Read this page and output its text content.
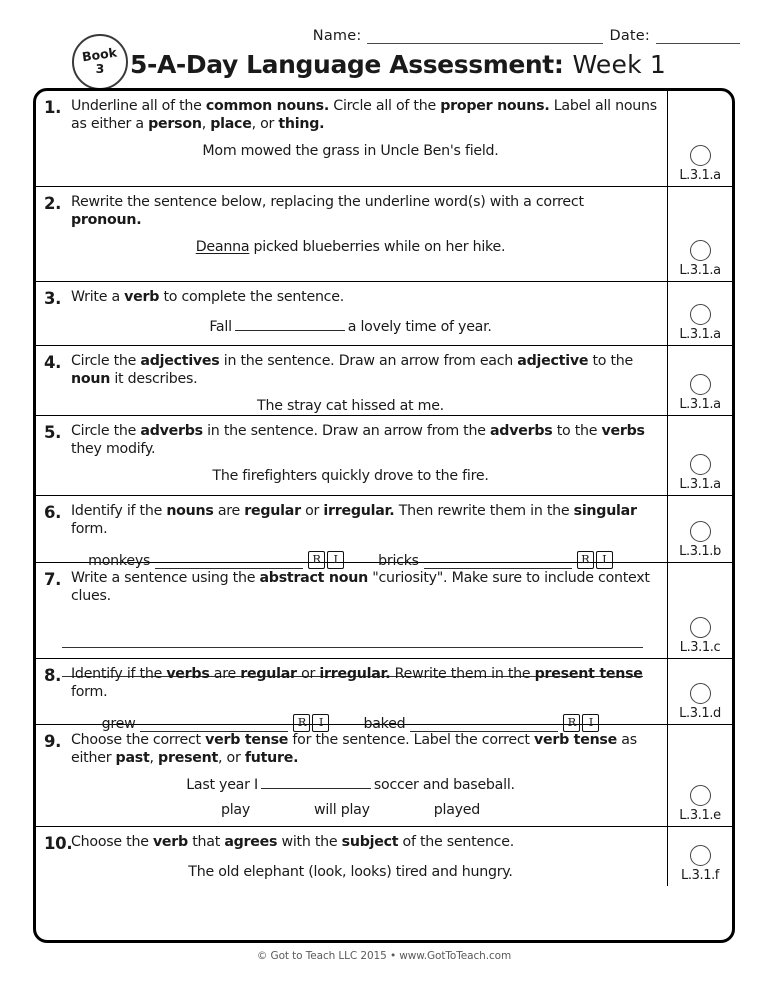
Name:	Date:
Book
3 5-A-Day Language Assessment: Week 1
1. Underline all of the common nouns. Circle all of the proper nouns. Label all nouns as either a person, place, or thing.
Mom mowed the grass in Uncle Ben's field.
L.3.1.a
2. Rewrite the sentence below, replacing the underline word(s) with a correct pronoun.
Deanna picked blueberries while on her hike.
L.3.1.a
3. Write a verb to complete the sentence.
Fall	a lovely time of year.	L.3.1.a
4. Circle the adjectives in the sentence. Draw an arrow from each adjective to the noun it describes.
The stray cat hissed at me.	L.3.1.a
5. Circle the adverbs in the sentence. Draw an arrow from the adverbs to the verbs they modify.
The firefighters quickly drove to the fire.
L.3.1.a
6. Identify if the nouns are regular or irregular. Then rewrite them in the singular form.
monkeys	R	I	bricks	R	I
L.3.1.b
7. Write a sentence using the abstract noun "curiosity". Make sure to include context clues.
L.3.1.c
8. Identify if the verbs are regular or irregular. Rewrite them in the present tense form.
grew	R	I	baked	R	I
L.3.1.d
9. Choose the correct verb tense for the sentence. Label the correct verb tense as either past, present, or future.
Last year I	soccer and baseball.
play	will play	played	L.3.1.e
10.
Choose the verb that agrees with the subject of the sentence.
The old elephant (look, looks) tired and hungry.	L.3.1.f
© Got to Teach LLC 2015 • www.GotToTeach.com
